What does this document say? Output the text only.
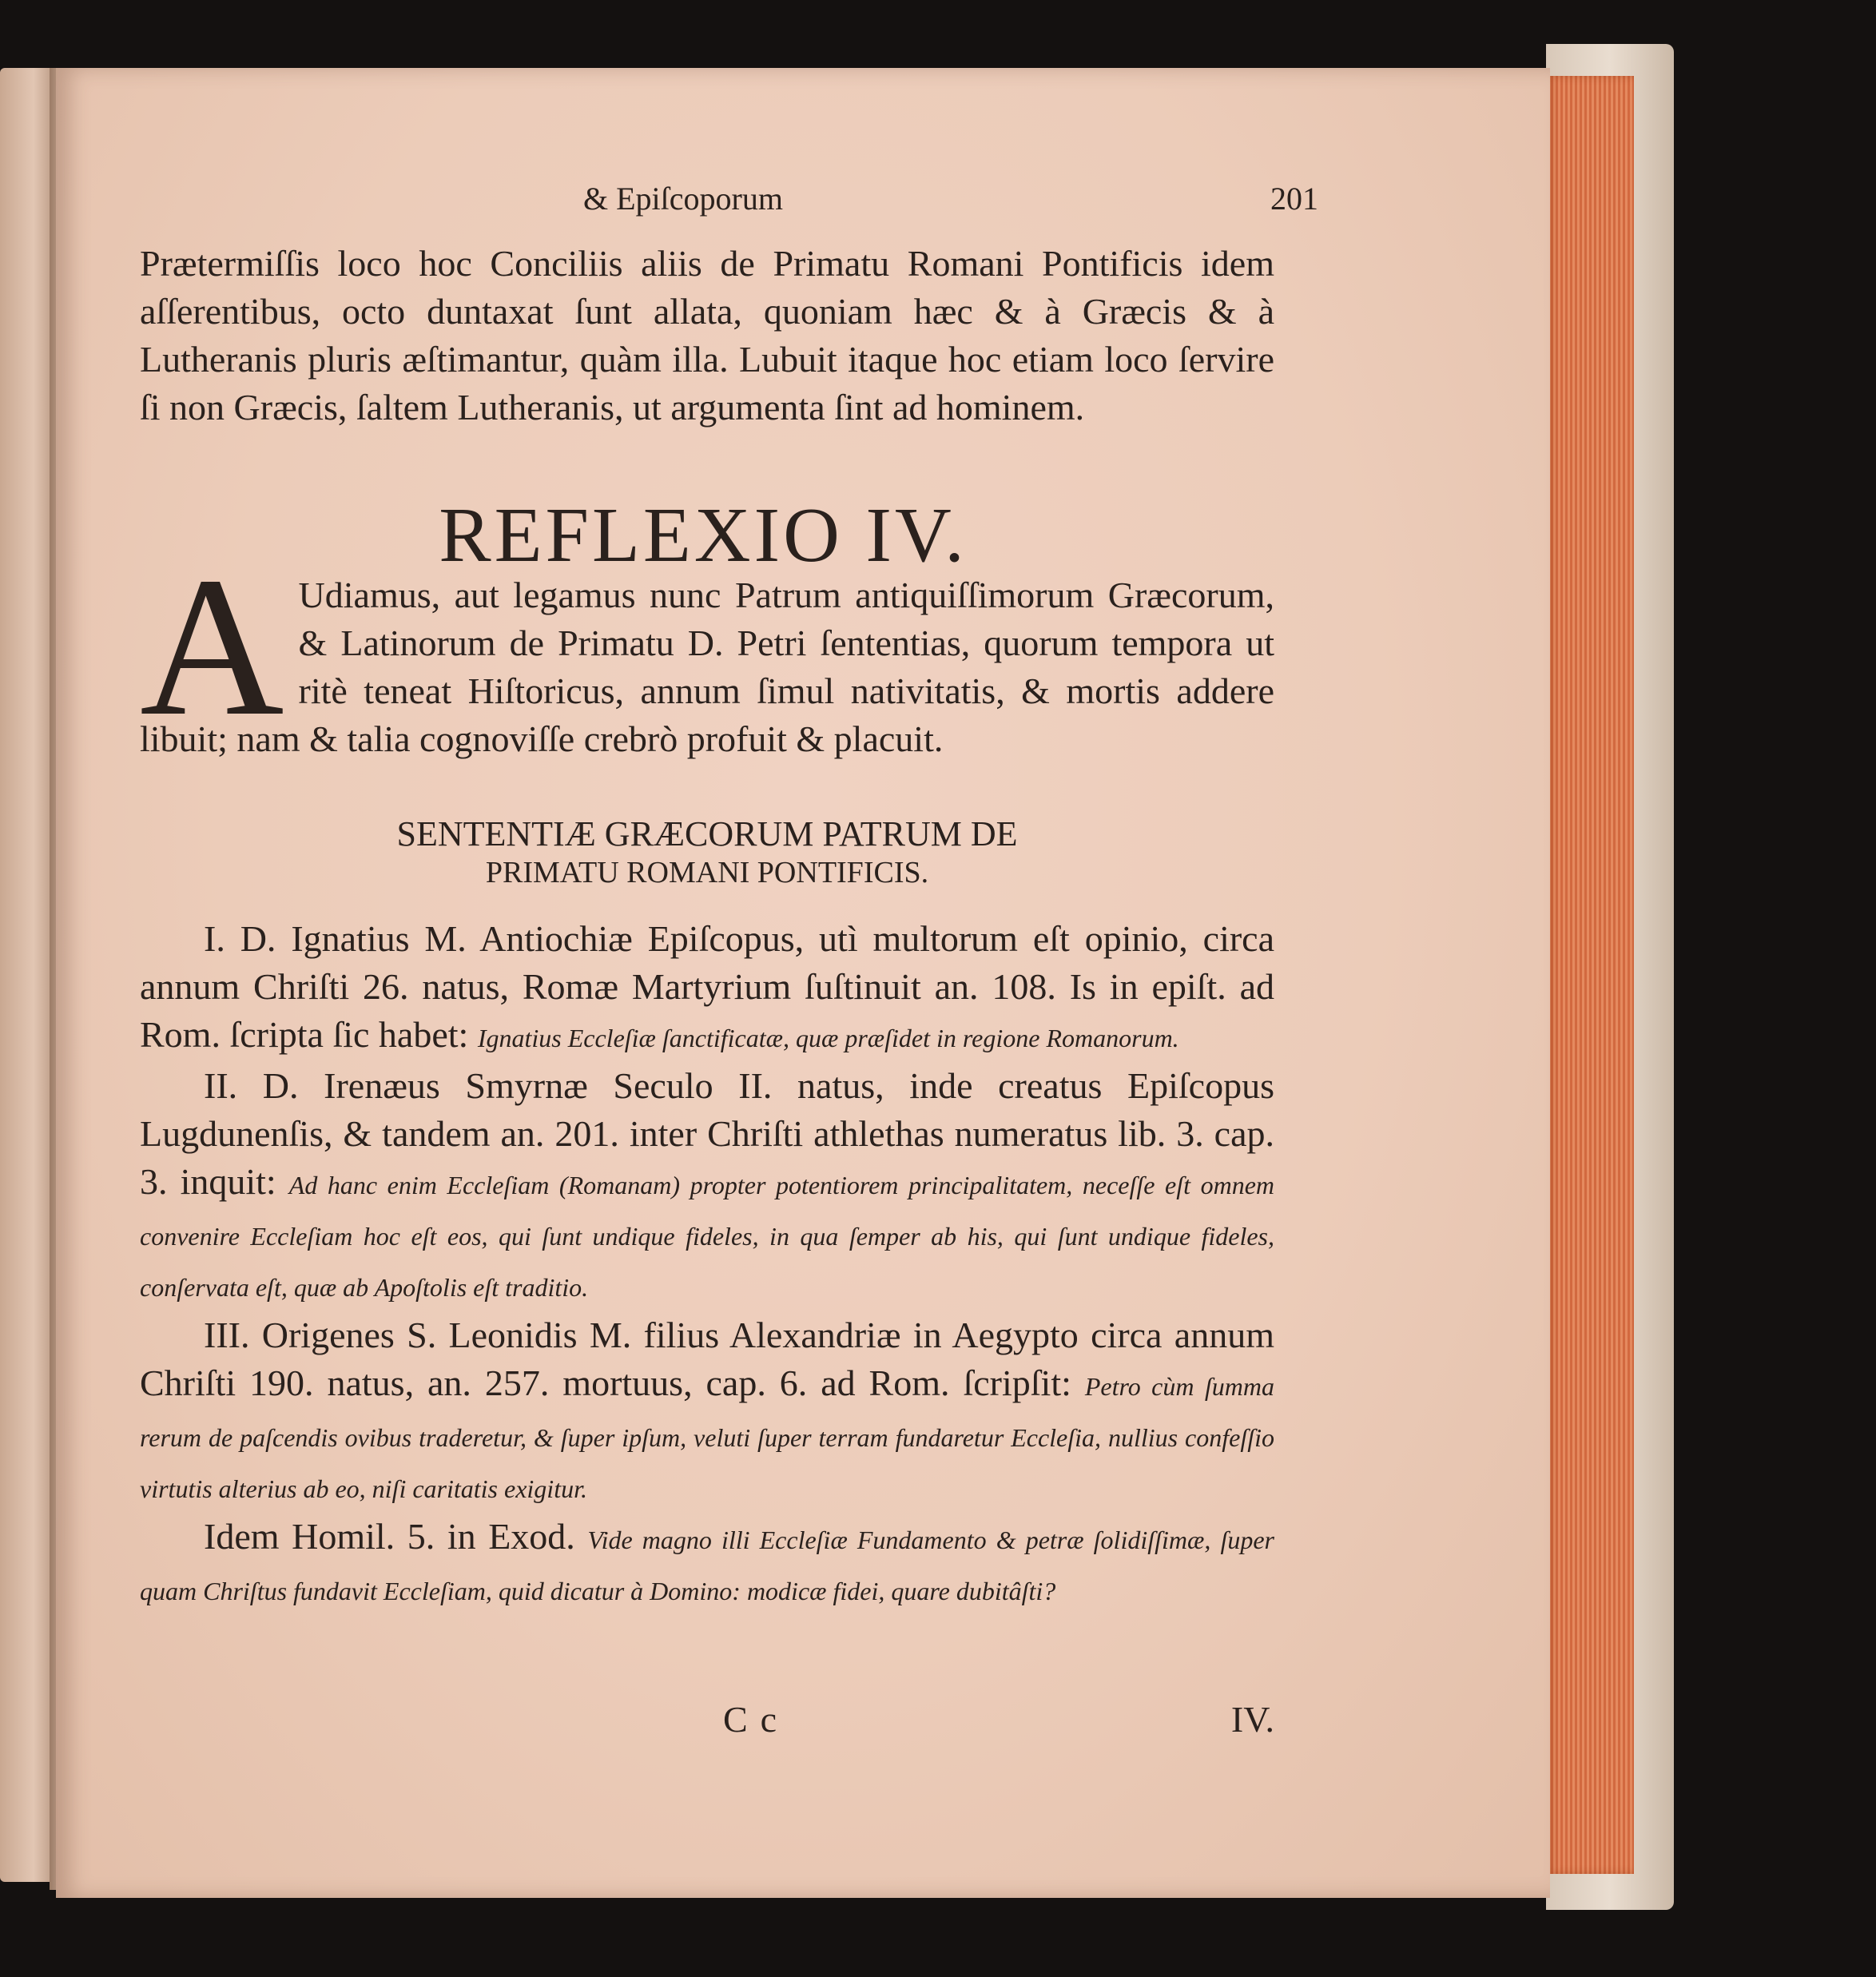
& Epiſcoporum	201

Prætermiſſis loco hoc Conciliis aliis de Primatu Romani Pontificis idem aſſerentibus, octo duntaxat ſunt allata, quoniam hæc & à Græcis & à Lutheranis pluris æſtimantur, quàm illa. Lubuit itaque hoc etiam loco ſervire ſi non Græcis, ſaltem Lutheranis, ut argumenta ſint ad hominem.

REFLEXIO IV.
A Udiamus, aut legamus nunc Patrum antiquiſſimorum Græcorum, & Latinorum de Primatu D. Petri ſententias, quorum tempora ut ritè teneat Hiſtoricus, annum ſimul nativitatis, & mortis addere libuit; nam & talia cognoviſſe crebrò profuit & placuit.

SENTENTIÆ GRÆCORUM PATRUM DE
PRIMATU ROMANI PONTIFICIS.

I. D. Ignatius M. Antiochiæ Epiſcopus, utì multorum eſt opinio, circa annum Chriſti 26. natus, Romæ Martyrium ſuſtinuit an. 108. Is in epiſt. ad Rom. ſcripta ſic habet: Ignatius Eccleſiæ ſanctificatæ, quæ præſidet in regione Romanorum.

II. D. Irenæus Smyrnæ Seculo II. natus, inde creatus Epiſcopus Lugdunenſis, & tandem an. 201. inter Chriſti athlethas numeratus lib. 3. cap. 3. inquit: Ad hanc enim Eccleſiam (Romanam) propter potentiorem principalitatem, neceſſe eſt omnem convenire Eccleſiam hoc eſt eos, qui ſunt undique fideles, in qua ſemper ab his, qui ſunt undique fideles, conſervata eſt, quæ ab Apoſtolis eſt traditio.

III. Origenes S. Leonidis M. filius Alexandriæ in Aegypto circa annum Chriſti 190. natus, an. 257. mortuus, cap. 6. ad Rom. ſcripſit: Petro cùm ſumma rerum de paſcendis ovibus traderetur, & ſuper ipſum, veluti ſuper terram fundaretur Eccleſia, nullius confeſſio virtutis alterius ab eo, niſi caritatis exigitur.

Idem Homil. 5. in Exod. Vide magno illi Eccleſiæ Fundamento & petræ ſolidiſſimæ, ſuper quam Chriſtus fundavit Eccleſiam, quid dicatur à Domino: modicæ fidei, quare dubitâſti?

Cc	IV.
